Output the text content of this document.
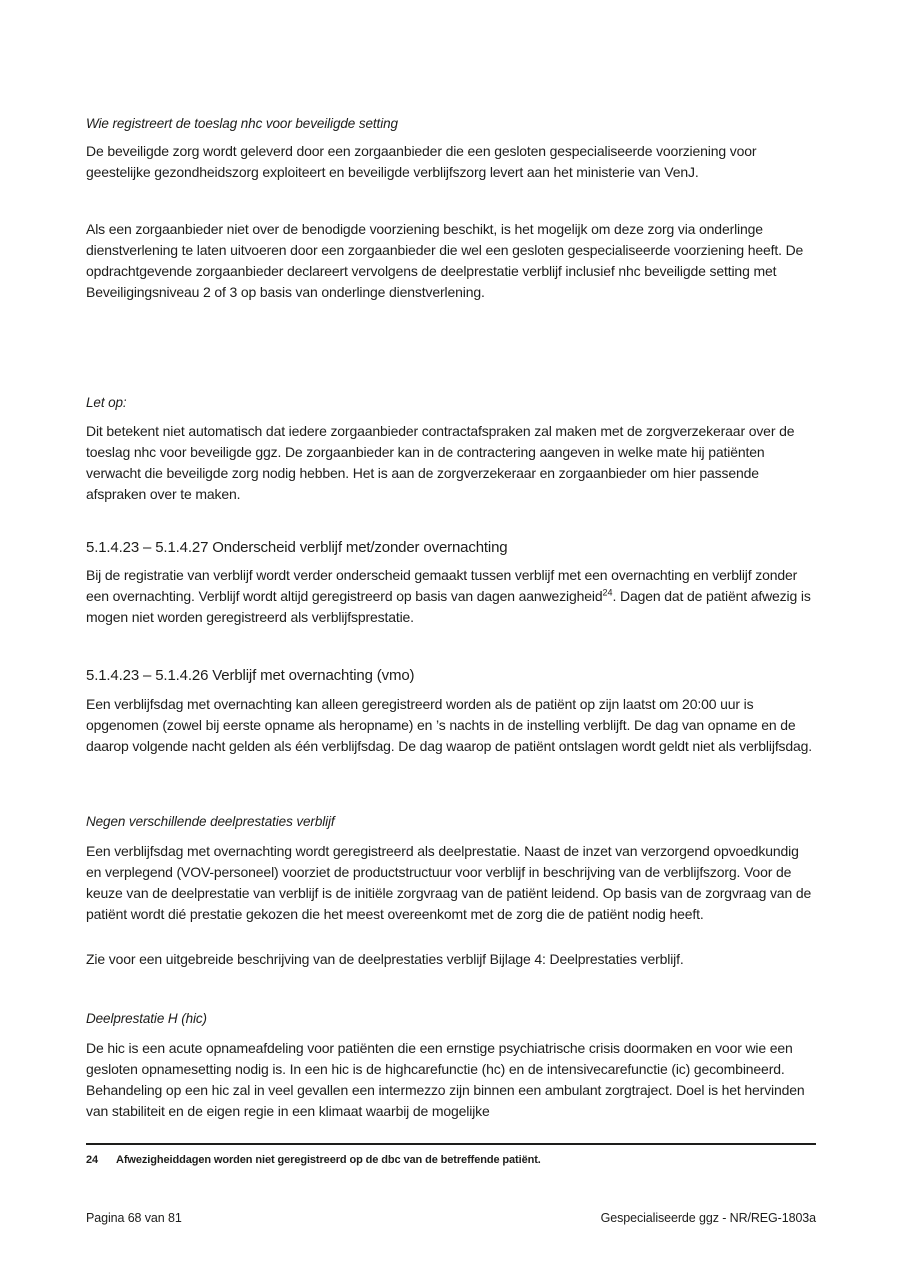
Wie registreert de toeslag nhc voor beveiligde setting

De beveiligde zorg wordt geleverd door een zorgaanbieder die een gesloten gespecialiseerde voorziening voor geestelijke gezondheidszorg exploiteert en beveiligde verblijfszorg levert aan het ministerie van VenJ.

Als een zorgaanbieder niet over de benodigde voorziening beschikt, is het mogelijk om deze zorg via onderlinge dienstverlening te laten uitvoeren door een zorgaanbieder die wel een gesloten gespecialiseerde voorziening heeft. De opdrachtgevende zorgaanbieder declareert vervolgens de deelprestatie verblijf inclusief nhc beveiligde setting met Beveiligingsniveau 2 of 3 op basis van onderlinge dienstverlening.

Let op:

Dit betekent niet automatisch dat iedere zorgaanbieder contractafspraken zal maken met de zorgverzekeraar over de toeslag nhc voor beveiligde ggz. De zorgaanbieder kan in de contractering aangeven in welke mate hij patiënten verwacht die beveiligde zorg nodig hebben. Het is aan de zorgverzekeraar en zorgaanbieder om hier passende afspraken over te maken.

5.1.4.23 – 5.1.4.27 Onderscheid verblijf met/zonder overnachting

Bij de registratie van verblijf wordt verder onderscheid gemaakt tussen verblijf met een overnachting en verblijf zonder een overnachting. Verblijf wordt altijd geregistreerd op basis van dagen aanwezigheid$^{24}$. Dagen dat de patiënt afwezig is mogen niet worden geregistreerd als verblijfsprestatie.

5.1.4.23 – 5.1.4.26 Verblijf met overnachting (vmo)

Een verblijfsdag met overnachting kan alleen geregistreerd worden als de patiënt op zijn laatst om 20:00 uur is opgenomen (zowel bij eerste opname als heropname) en ’s nachts in de instelling verblijft. De dag van opname en de daarop volgende nacht gelden als één verblijfsdag. De dag waarop de patiënt ontslagen wordt geldt niet als verblijfsdag.

Negen verschillende deelprestaties verblijf

Een verblijfsdag met overnachting wordt geregistreerd als deelprestatie. Naast de inzet van verzorgend opvoedkundig en verplegend (VOV-personeel) voorziet de productstructuur voor verblijf in beschrijving van de verblijfszorg. Voor de keuze van de deelprestatie van verblijf is de initiële zorgvraag van de patiënt leidend. Op basis van de zorgvraag van de patiënt wordt dié prestatie gekozen die het meest overeenkomt met de zorg die de patiënt nodig heeft.

Zie voor een uitgebreide beschrijving van de deelprestaties verblijf Bijlage 4: Deelprestaties verblijf.

Deelprestatie H (hic)

De hic is een acute opnameafdeling voor patiënten die een ernstige psychiatrische crisis doormaken en voor wie een gesloten opnamesetting nodig is. In een hic is de highcarefunctie (hc) en de intensivecarefunctie (ic) gecombineerd. Behandeling op een hic zal in veel gevallen een intermezzo zijn binnen een ambulant zorgtraject. Doel is het hervinden van stabiliteit en de eigen regie in een klimaat waarbij de mogelijke

24	Afwezigheiddagen worden niet geregistreerd op de dbc van de betreffende patiënt.
Pagina 68 van 81	Gespecialiseerde ggz - NR/REG-1803a
